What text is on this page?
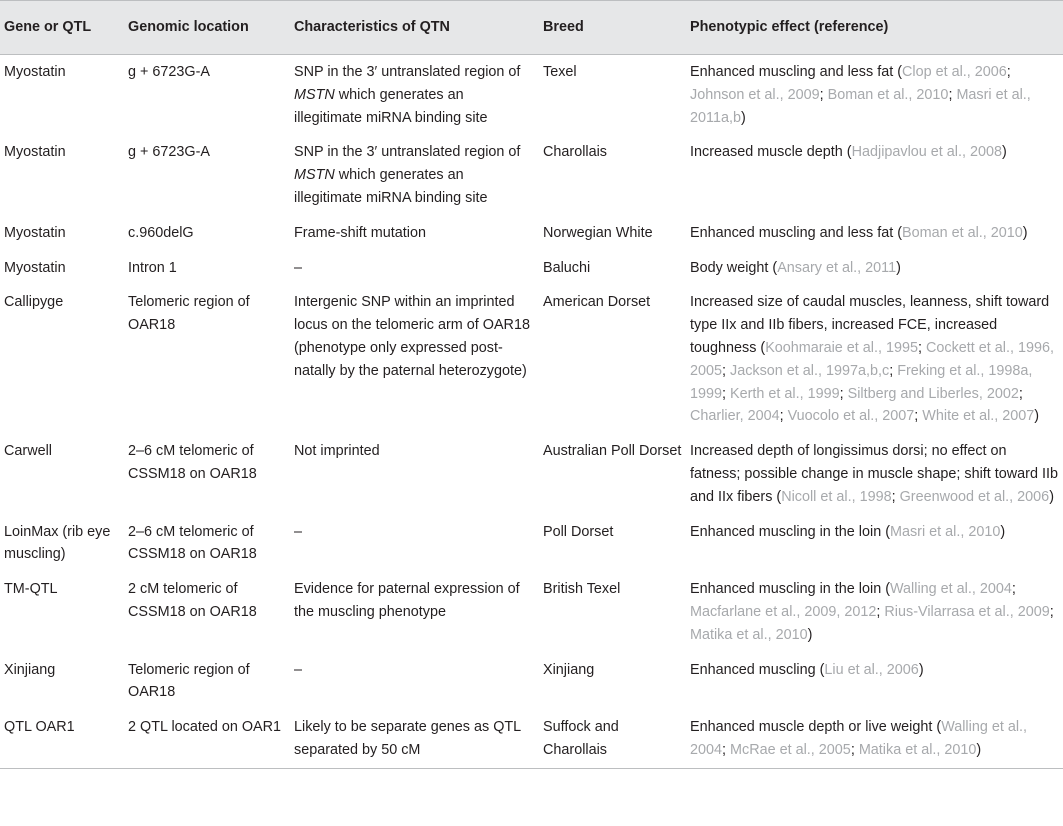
Gene or QTL	Genomic location	Characteristics of QTN	Breed	Phenotypic effect (reference)
Myostatin	g + 6723G-A	SNP in the 3′ untranslated region of MSTN which generates an illegitimate miRNA binding site	Texel	Enhanced muscling and less fat (Clop et al., 2006; Johnson et al., 2009; Boman et al., 2010; Masri et al., 2011a,b)
Myostatin	g + 6723G-A	SNP in the 3′ untranslated region of MSTN which generates an illegitimate miRNA binding site	Charollais	Increased muscle depth (Hadjipavlou et al., 2008)
Myostatin	c.960delG	Frame-shift mutation	Norwegian White	Enhanced muscling and less fat (Boman et al., 2010)
Myostatin	Intron 1	–	Baluchi	Body weight (Ansary et al., 2011)
Callipyge	Telomeric region of OAR18	Intergenic SNP within an imprinted locus on the telomeric arm of OAR18 (phenotype only expressed post-natally by the paternal heterozygote)	American Dorset	Increased size of caudal muscles, leanness, shift toward type IIx and IIb fibers, increased FCE, increased toughness (Koohmaraie et al., 1995; Cockett et al., 1996, 2005; Jackson et al., 1997a,b,c; Freking et al., 1998a, 1999; Kerth et al., 1999; Siltberg and Liberles, 2002; Charlier, 2004; Vuocolo et al., 2007; White et al., 2007)
Carwell	2–6 cM telomeric of CSSM18 on OAR18	Not imprinted	Australian Poll Dorset	Increased depth of longissimus dorsi; no effect on fatness; possible change in muscle shape; shift toward IIb and IIx fibers (Nicoll et al., 1998; Greenwood et al., 2006)
LoinMax (rib eye muscling)	2–6 cM telomeric of CSSM18 on OAR18	–	Poll Dorset	Enhanced muscling in the loin (Masri et al., 2010)
TM-QTL	2 cM telomeric of CSSM18 on OAR18	Evidence for paternal expression of the muscling phenotype	British Texel	Enhanced muscling in the loin (Walling et al., 2004; Macfarlane et al., 2009, 2012; Rius-Vilarrasa et al., 2009; Matika et al., 2010)
Xinjiang	Telomeric region of OAR18	–	Xinjiang	Enhanced muscling (Liu et al., 2006)
QTL OAR1	2 QTL located on OAR1	Likely to be separate genes as QTL separated by 50 cM	Suffock and Charollais	Enhanced muscle depth or live weight (Walling et al., 2004; McRae et al., 2005; Matika et al., 2010)
